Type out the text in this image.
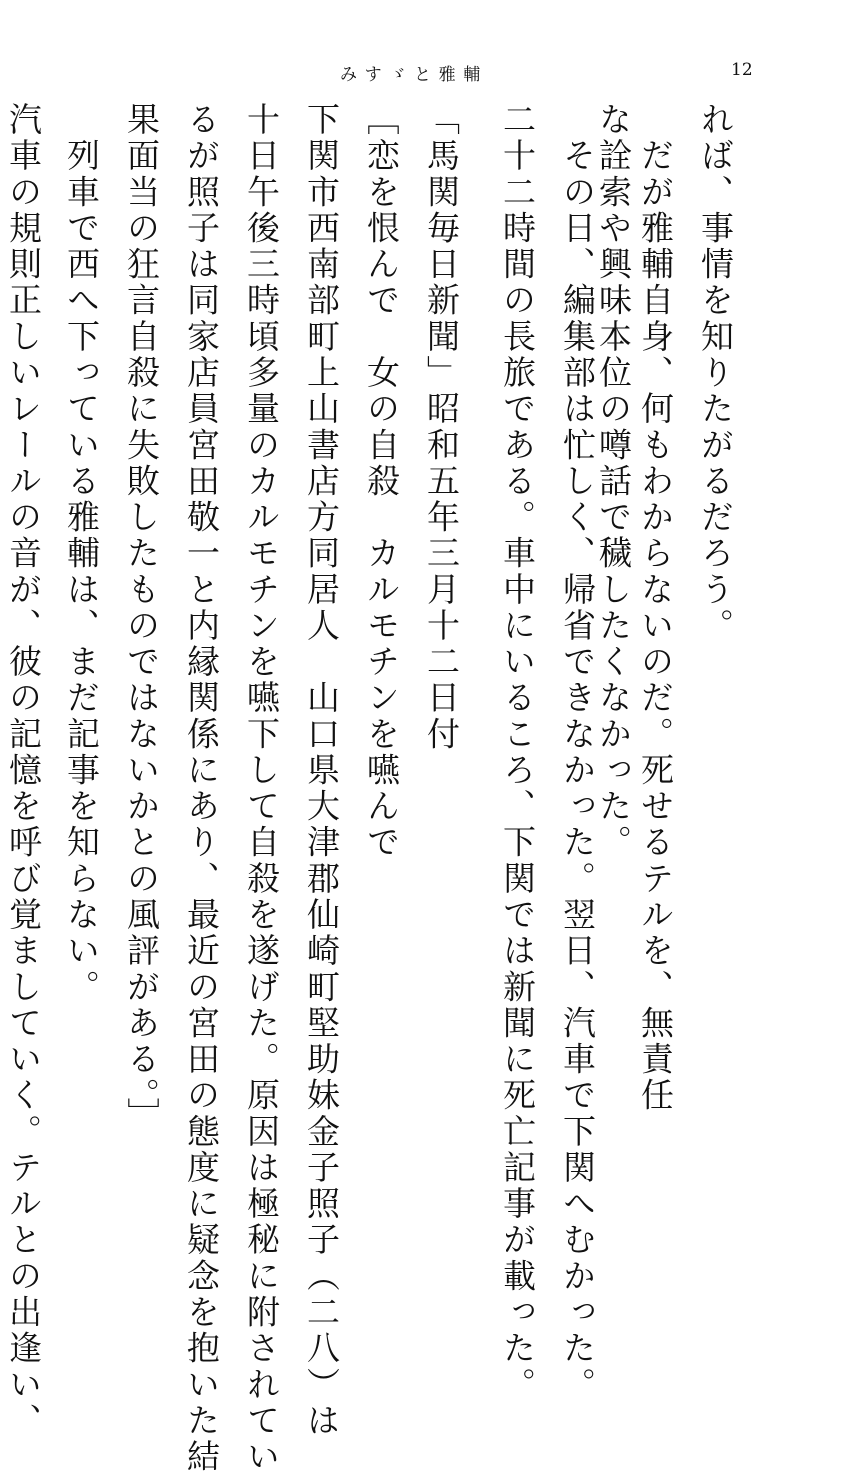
みすゞと雅輔	12
れば、事情を知りたがるだろう。
　だが雅輔自身、何もわからないのだ。死せるテルを、無責任な詮索や興味本位の噂話で穢したくなかった。
　その日、編集部は忙しく、帰省できなかった。翌日、汽車で下関へむかった。
二十二時間の長旅である。車中にいるころ、下関では新聞に死亡記事が載った。
「馬関毎日新聞」昭和五年三月十二日付
［恋を恨んで　女の自殺　カルモチンを嚥んで
下関市西南部町上山書店方同居人　山口県大津郡仙崎町堅助妹金子照子（二八）は
十日午後三時頃多量のカルモチンを嚥下して自殺を遂げた。原因は極秘に附されてい
るが照子は同家店員宮田敬一と内縁関係にあり、最近の宮田の態度に疑念を抱いた結
果面当の狂言自殺に失敗したものではないかとの風評がある。］
　列車で西へ下っている雅輔は、まだ記事を知らない。
汽車の規則正しいレールの音が、彼の記憶を呼び覚ましていく。テルとの出逢い、
